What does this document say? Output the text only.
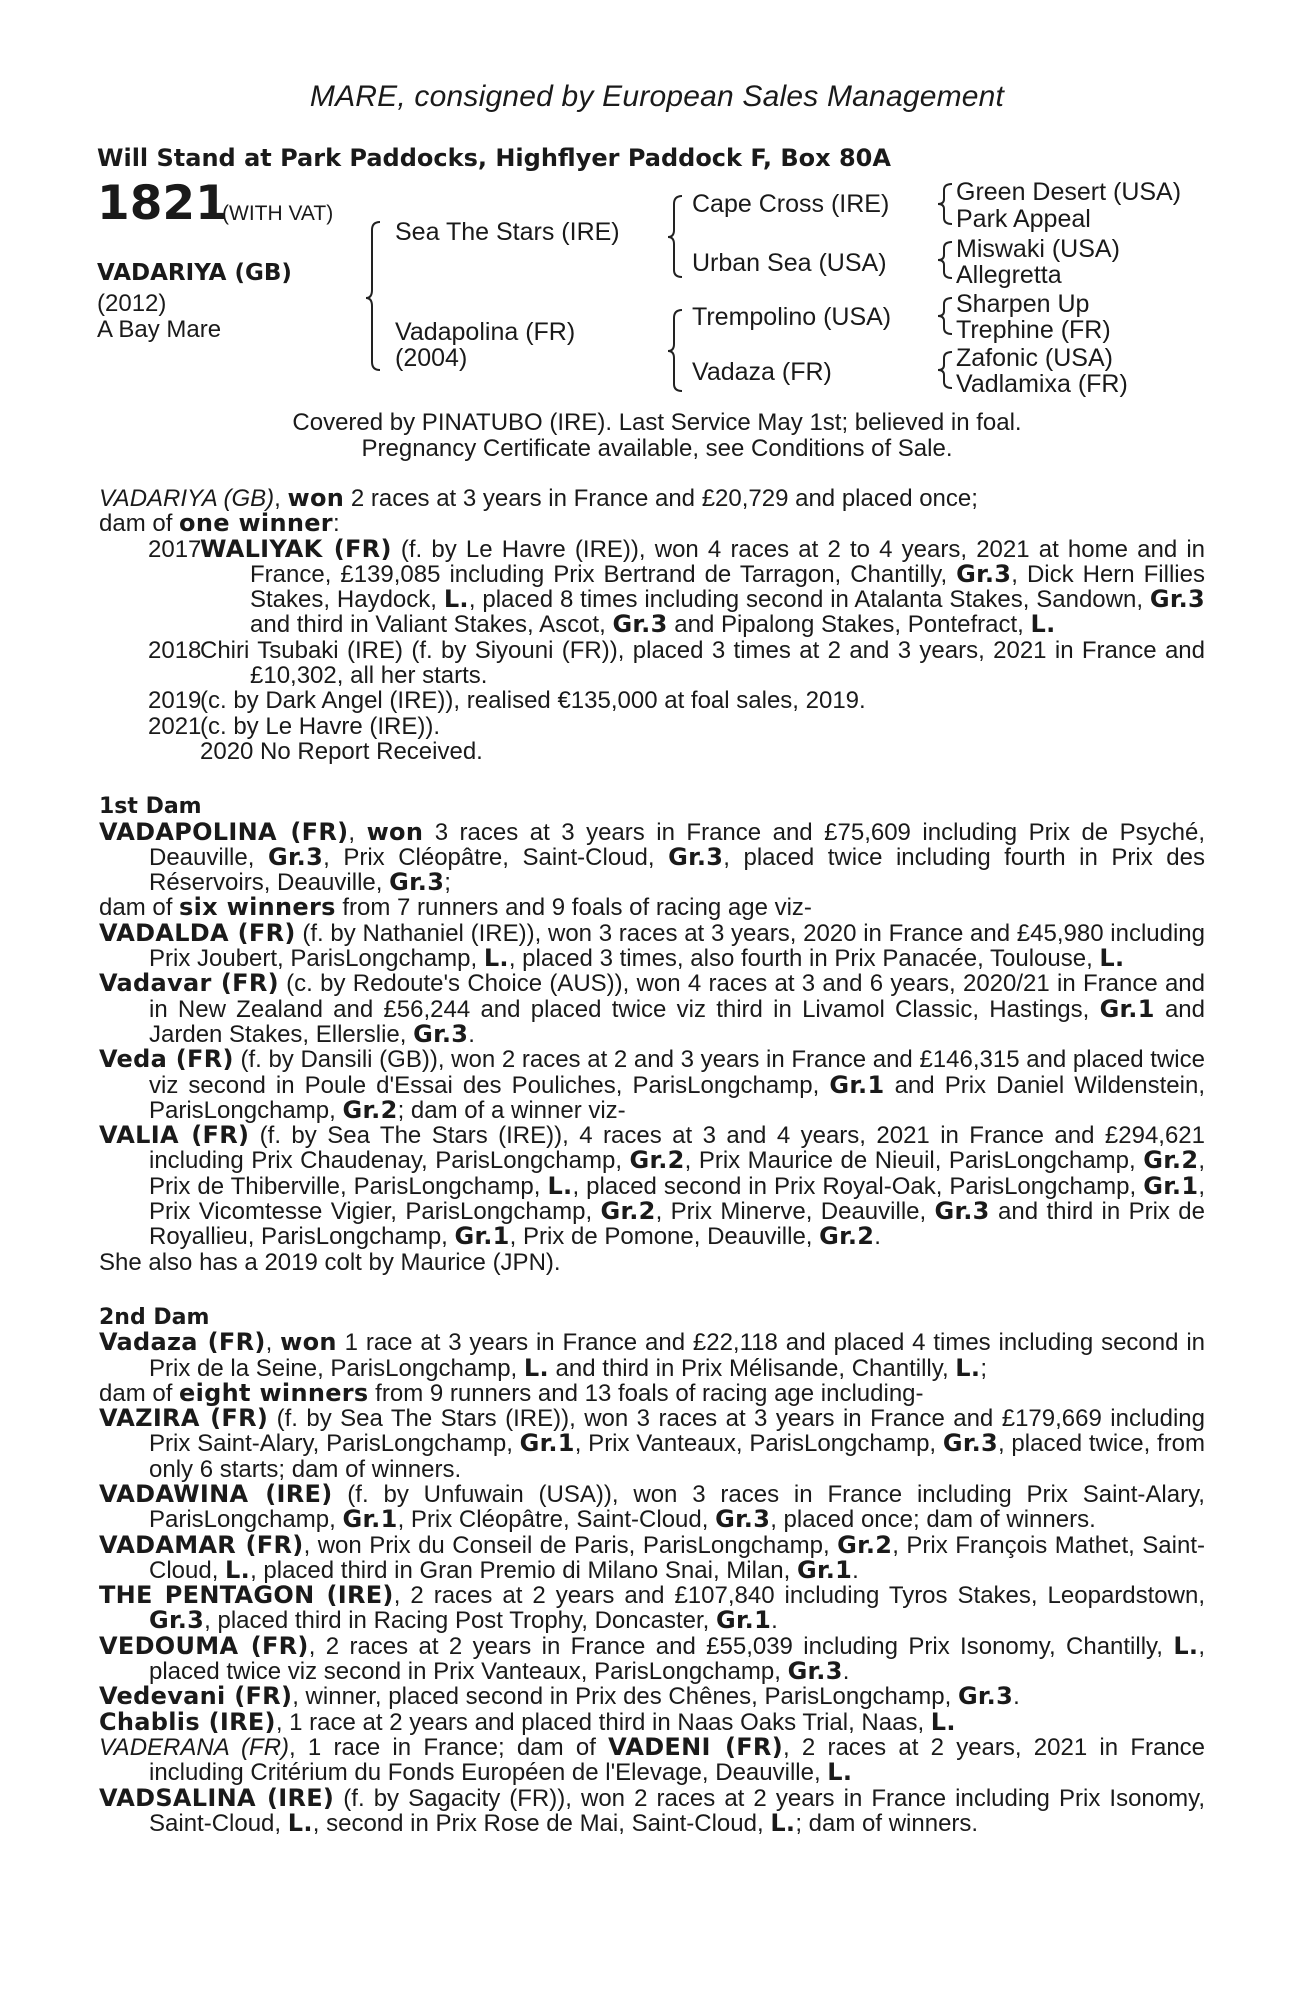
MARE, consigned by European Sales Management
Will Stand at Park Paddocks, Highflyer Paddock F, Box 80A
1821
(WITH VAT)
VADARIYA (GB)
(2012)
A Bay Mare
Sea The Stars (IRE)
Vadapolina (FR)
(2004)
Cape Cross (IRE)
Urban Sea (USA)
Trempolino (USA)
Vadaza (FR)
Green Desert (USA)
Park Appeal
Miswaki (USA)
Allegretta
Sharpen Up
Trephine (FR)
Zafonic (USA)
Vadlamixa (FR)
Covered by PINATUBO (IRE). Last Service May 1st; believed in foal.
Pregnancy Certificate available, see Conditions of Sale.

VADARIYA (GB), won 2 races at 3 years in France and £20,729 and placed once;

dam of one winner:

2017
WALIYAK (FR) (f. by Le Havre (IRE)), won 4 races at 2 to 4 years, 2021 at home and in France, £139,085 including Prix Bertrand de Tarragon, Chantilly, Gr.3, Dick Hern Fillies Stakes, Haydock, L., placed 8 times including second in Atalanta Stakes, Sandown, Gr.3 and third in Valiant Stakes, Ascot, Gr.3 and Pipalong Stakes, Pontefract, L.
2018
Chiri Tsubaki (IRE) (f. by Siyouni (FR)), placed 3 times at 2 and 3 years, 2021 in France and £10,302, all her starts.
2019
(c. by Dark Angel (IRE)), realised €135,000 at foal sales, 2019.
2021
(c. by Le Havre (IRE)).
2020 No Report Received.

1st Dam

VADAPOLINA (FR), won 3 races at 3 years in France and £75,609 including Prix de Psyché, Deauville, Gr.3, Prix Cléopâtre, Saint-Cloud, Gr.3, placed twice including fourth in Prix des Réservoirs, Deauville, Gr.3;

dam of six winners from 7 runners and 9 foals of racing age viz-

VADALDA (FR) (f. by Nathaniel (IRE)), won 3 races at 3 years, 2020 in France and £45,980 including Prix Joubert, ParisLongchamp, L., placed 3 times, also fourth in Prix Panacée, Toulouse, L.

Vadavar (FR) (c. by Redoute's Choice (AUS)), won 4 races at 3 and 6 years, 2020/21 in France and in New Zealand and £56,244 and placed twice viz third in Livamol Classic, Hastings, Gr.1 and Jarden Stakes, Ellerslie, Gr.3.

Veda (FR) (f. by Dansili (GB)), won 2 races at 2 and 3 years in France and £146,315 and placed twice viz second in Poule d'Essai des Pouliches, ParisLongchamp, Gr.1 and Prix Daniel Wildenstein, ParisLongchamp, Gr.2; dam of a winner viz-

VALIA (FR) (f. by Sea The Stars (IRE)), 4 races at 3 and 4 years, 2021 in France and £294,621 including Prix Chaudenay, ParisLongchamp, Gr.2, Prix Maurice de Nieuil, ParisLongchamp, Gr.2, Prix de Thiberville, ParisLongchamp, L., placed second in Prix Royal-Oak, ParisLongchamp, Gr.1, Prix Vicomtesse Vigier, ParisLongchamp, Gr.2, Prix Minerve, Deauville, Gr.3 and third in Prix de Royallieu, ParisLongchamp, Gr.1, Prix de Pomone, Deauville, Gr.2.

She also has a 2019 colt by Maurice (JPN).

2nd Dam

Vadaza (FR), won 1 race at 3 years in France and £22,118 and placed 4 times including second in Prix de la Seine, ParisLongchamp, L. and third in Prix Mélisande, Chantilly, L.;

dam of eight winners from 9 runners and 13 foals of racing age including-

VAZIRA (FR) (f. by Sea The Stars (IRE)), won 3 races at 3 years in France and £179,669 including Prix Saint-Alary, ParisLongchamp, Gr.1, Prix Vanteaux, ParisLongchamp, Gr.3, placed twice, from only 6 starts; dam of winners.

VADAWINA (IRE) (f. by Unfuwain (USA)), won 3 races in France including Prix Saint-Alary, ParisLongchamp, Gr.1, Prix Cléopâtre, Saint-Cloud, Gr.3, placed once; dam of winners.

VADAMAR (FR), won Prix du Conseil de Paris, ParisLongchamp, Gr.2, Prix François Mathet, Saint-Cloud, L., placed third in Gran Premio di Milano Snai, Milan, Gr.1.

THE PENTAGON (IRE), 2 races at 2 years and £107,840 including Tyros Stakes, Leopardstown, Gr.3, placed third in Racing Post Trophy, Doncaster, Gr.1.

VEDOUMA (FR), 2 races at 2 years in France and £55,039 including Prix Isonomy, Chantilly, L., placed twice viz second in Prix Vanteaux, ParisLongchamp, Gr.3.

Vedevani (FR), winner, placed second in Prix des Chênes, ParisLongchamp, Gr.3.

Chablis (IRE), 1 race at 2 years and placed third in Naas Oaks Trial, Naas, L.

VADERANA (FR), 1 race in France; dam of VADENI (FR), 2 races at 2 years, 2021 in France including Critérium du Fonds Européen de l'Elevage, Deauville, L.

VADSALINA (IRE) (f. by Sagacity (FR)), won 2 races at 2 years in France including Prix Isonomy, Saint-Cloud, L., second in Prix Rose de Mai, Saint-Cloud, L.; dam of winners.
